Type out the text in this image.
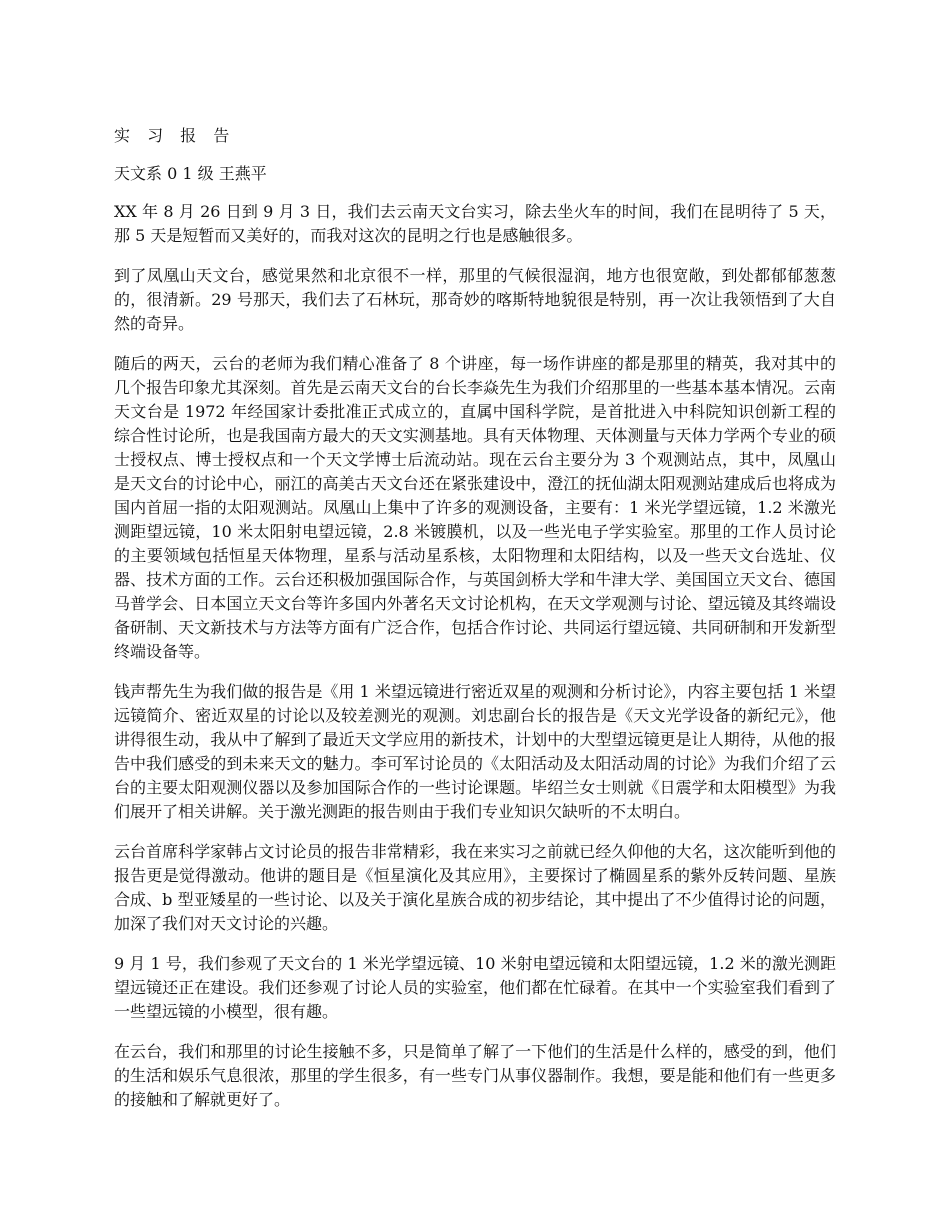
实 习 报 告
天文系 0 1 级 王燕平

XX 年 8 月 26 日到 9 月 3 日，我们去云南天文台实习，除去坐火车的时间，我们在昆明待了 5 天，那 5 天是短暂而又美好的，而我对这次的昆明之行也是感触很多。

到了凤凰山天文台，感觉果然和北京很不一样，那里的气候很湿润，地方也很宽敞，到处都郁郁葱葱的，很清新。29 号那天，我们去了石林玩，那奇妙的喀斯特地貌很是特别，再一次让我领悟到了大自然的奇异。

随后的两天，云台的老师为我们精心准备了 8 个讲座，每一场作讲座的都是那里的精英，我对其中的几个报告印象尤其深刻。首先是云南天文台的台长李焱先生为我们介绍那里的一些基本基本情况。云南天文台是 1972 年经国家计委批准正式成立的，直属中国科学院，是首批进入中科院知识创新工程的综合性讨论所，也是我国南方最大的天文实测基地。具有天体物理、天体测量与天体力学两个专业的硕士授权点、博士授权点和一个天文学博士后流动站。现在云台主要分为 3 个观测站点，其中，凤凰山是天文台的讨论中心，丽江的高美古天文台还在紧张建设中，澄江的抚仙湖太阳观测站建成后也将成为国内首屈一指的太阳观测站。凤凰山上集中了许多的观测设备，主要有：1 米光学望远镜，1.2 米激光测距望远镜，10 米太阳射电望远镜，2.8 米镀膜机，以及一些光电子学实验室。那里的工作人员讨论的主要领域包括恒星天体物理，星系与活动星系核，太阳物理和太阳结构，以及一些天文台选址、仪器、技术方面的工作。云台还积极加强国际合作，与英国剑桥大学和牛津大学、美国国立天文台、德国马普学会、日本国立天文台等许多国内外著名天文讨论机构，在天文学观测与讨论、望远镜及其终端设备研制、天文新技术与方法等方面有广泛合作，包括合作讨论、共同运行望远镜、共同研制和开发新型终端设备等。

钱声帮先生为我们做的报告是《用 1 米望远镜进行密近双星的观测和分析讨论》，内容主要包括 1 米望远镜简介、密近双星的讨论以及较差测光的观测。刘忠副台长的报告是《天文光学设备的新纪元》，他讲得很生动，我从中了解到了最近天文学应用的新技术，计划中的大型望远镜更是让人期待，从他的报告中我们感受的到未来天文的魅力。李可军讨论员的《太阳活动及太阳活动周的讨论》为我们介绍了云台的主要太阳观测仪器以及参加国际合作的一些讨论课题。毕绍兰女士则就《日震学和太阳模型》为我们展开了相关讲解。关于激光测距的报告则由于我们专业知识欠缺听的不太明白。

云台首席科学家韩占文讨论员的报告非常精彩，我在来实习之前就已经久仰他的大名，这次能听到他的报告更是觉得激动。他讲的题目是《恒星演化及其应用》，主要探讨了椭圆星系的紫外反转问题、星族合成、b 型亚矮星的一些讨论、以及关于演化星族合成的初步结论，其中提出了不少值得讨论的问题，加深了我们对天文讨论的兴趣。

9 月 1 号，我们参观了天文台的 1 米光学望远镜、10 米射电望远镜和太阳望远镜，1.2 米的激光测距望远镜还正在建设。我们还参观了讨论人员的实验室，他们都在忙碌着。在其中一个实验室我们看到了一些望远镜的小模型，很有趣。

在云台，我们和那里的讨论生接触不多，只是简单了解了一下他们的生活是什么样的，感受的到，他们的生活和娱乐气息很浓，那里的学生很多，有一些专门从事仪器制作。我想，要是能和他们有一些更多的接触和了解就更好了。
